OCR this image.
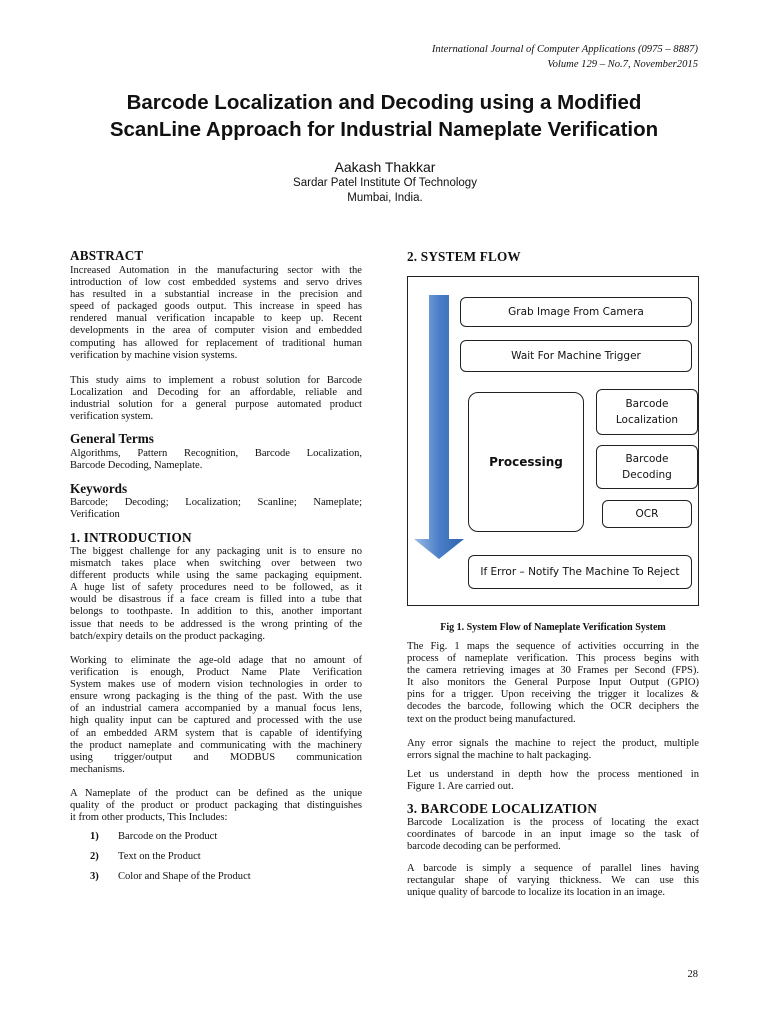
International Journal of Computer Applications (0975 – 8887)
Volume 129 – No.7, November2015
Barcode Localization and Decoding using a Modified
ScanLine Approach for Industrial Nameplate Verification
Aakash Thakkar
Sardar Patel Institute Of Technology
Mumbai, India.
ABSTRACT
Increased Automation in the manufacturing sector with the
introduction of low cost embedded systems and servo drives
has resulted in a substantial increase in the precision and
speed of packaged goods output. This increase in speed has
rendered manual verification incapable to keep up. Recent
developments in the area of computer vision and embedded
computing has allowed for replacement of traditional human
verification by machine vision systems.
This study aims to implement a robust solution for Barcode
Localization and Decoding for an affordable, reliable and
industrial solution for a general purpose automated product
verification system.
General Terms
Algorithms, Pattern Recognition, Barcode Localization,
Barcode Decoding, Nameplate.
Keywords
Barcode; Decoding; Localization; Scanline; Nameplate;
Verification
1. INTRODUCTION
The biggest challenge for any packaging unit is to ensure no
mismatch takes place when switching over between two
different products while using the same packaging equipment.
A huge list of safety procedures need to be followed, as it
would be disastrous if a face cream is filled into a tube that
belongs to toothpaste. In addition to this, another important
issue that needs to be addressed is the wrong printing of the
batch/expiry details on the product packaging.
Working to eliminate the age-old adage that no amount of
verification is enough, Product Name Plate Verification
System makes use of modern vision technologies in order to
ensure wrong packaging is the thing of the past. With the use
of an industrial camera accompanied by a manual focus lens,
high quality input can be captured and processed with the use
of an embedded ARM system that is capable of identifying
the product nameplate and communicating with the machinery
using trigger/output and MODBUS communication
mechanisms.
A Nameplate of the product can be defined as the unique
quality of the product or product packaging that distinguishes
it from other products, This Includes:
1) Barcode on the Product
2) Text on the Product
3) Color and Shape of the Product
2. SYSTEM FLOW
Grab Image From Camera
Wait For Machine Trigger
Processing
Barcode Localization
Barcode Decoding
OCR
If Error – Notify The Machine To Reject
Fig 1. System Flow of Nameplate Verification System
The Fig. 1 maps the sequence of activities occurring in the
process of nameplate verification. This process begins with
the camera retrieving images at 30 Frames per Second (FPS).
It also monitors the General Purpose Input Output (GPIO)
pins for a trigger. Upon receiving the trigger it localizes &
decodes the barcode, following which the OCR deciphers the
text on the product being manufactured.
Any error signals the machine to reject the product, multiple
errors signal the machine to halt packaging.
Let us understand in depth how the process mentioned in
Figure 1. Are carried out.
3. BARCODE LOCALIZATION
Barcode Localization is the process of locating the exact
coordinates of barcode in an input image so the task of
barcode decoding can be performed.
A barcode is simply a sequence of parallel lines having
rectangular shape of varying thickness. We can use this
unique quality of barcode to localize its location in an image.
28
